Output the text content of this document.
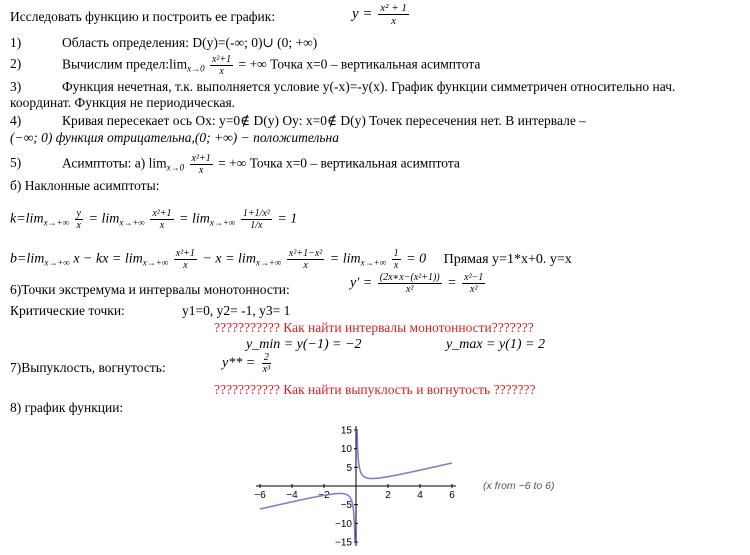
Исследовать функцию и построить ее график:	$y = \frac{\text{x² + 1}}{x}$
1)	Область определения: D(y)=(-∞; 0)∪ (0; +∞)
2)	Вычислим $предел:\lim_{x\to 0} \frac{\text{x²+1}}{x}$ = +∞ Точка х=0 – вертикальная асимптота
3)	Функция нечетная, т.к. выполняется условие у(-х)=-у(х). График функции симметричен относительно нач.
координат. Функция не периодическая.
4)	Кривая пересекает ось Ох: у=0∉ D(y) Оу: х=0∉ D(y) Точек пересечения нет. В интервале –
(−∞; 0) функция отрицательна,(0; +∞) − положительна
5)	Асимптоты: а) $\lim_{x\to 0} \frac{\text{x²+1}}{x}$ = +∞ Точка х=0 – вертикальная асимптота
б) Наклонные асимптоты:
$k=\lim_{x\to+\infty} \frac{y}{x} = \lim_{x\to+\infty} \frac{\text{x²+1}}{x} = \lim_{x\to+\infty} \frac{\text{1+1/x²}}{1/x} = 1$
$b=\lim_{x\to+\infty}$ x − kx = $\lim_{x\to+\infty} \frac{\text{x²+1}}{x} - x = \lim_{x\to+\infty} \frac{\text{x²+1−x²}}{x} = \lim_{x\to+\infty} \frac{1}{x} = 0$ Прямая у=1*х+0. у=х
6)Точки экстремума и интервалы монотонности:	$y' = \frac{\text{(2x∗x−(x²+1))}}{\text{x²}} = \frac{\text{x²−1}}{\text{x²}}$
Критические точки:	у1=0, у2= -1, у3= 1
??????????? Как найти интервалы монотонности???????
y_min = y(−1) = −2	y_max = y(1) = 2
7)Выпуклость, вогнутость:	$y** = \frac{2}{\text{x³}}$
??????????? Как найти выпуклость и вогнутость ???????
8) график функции:
−6 −4 −2	2	4	6
15
10
5
−5
−10
−15
(x from −6 to 6)
